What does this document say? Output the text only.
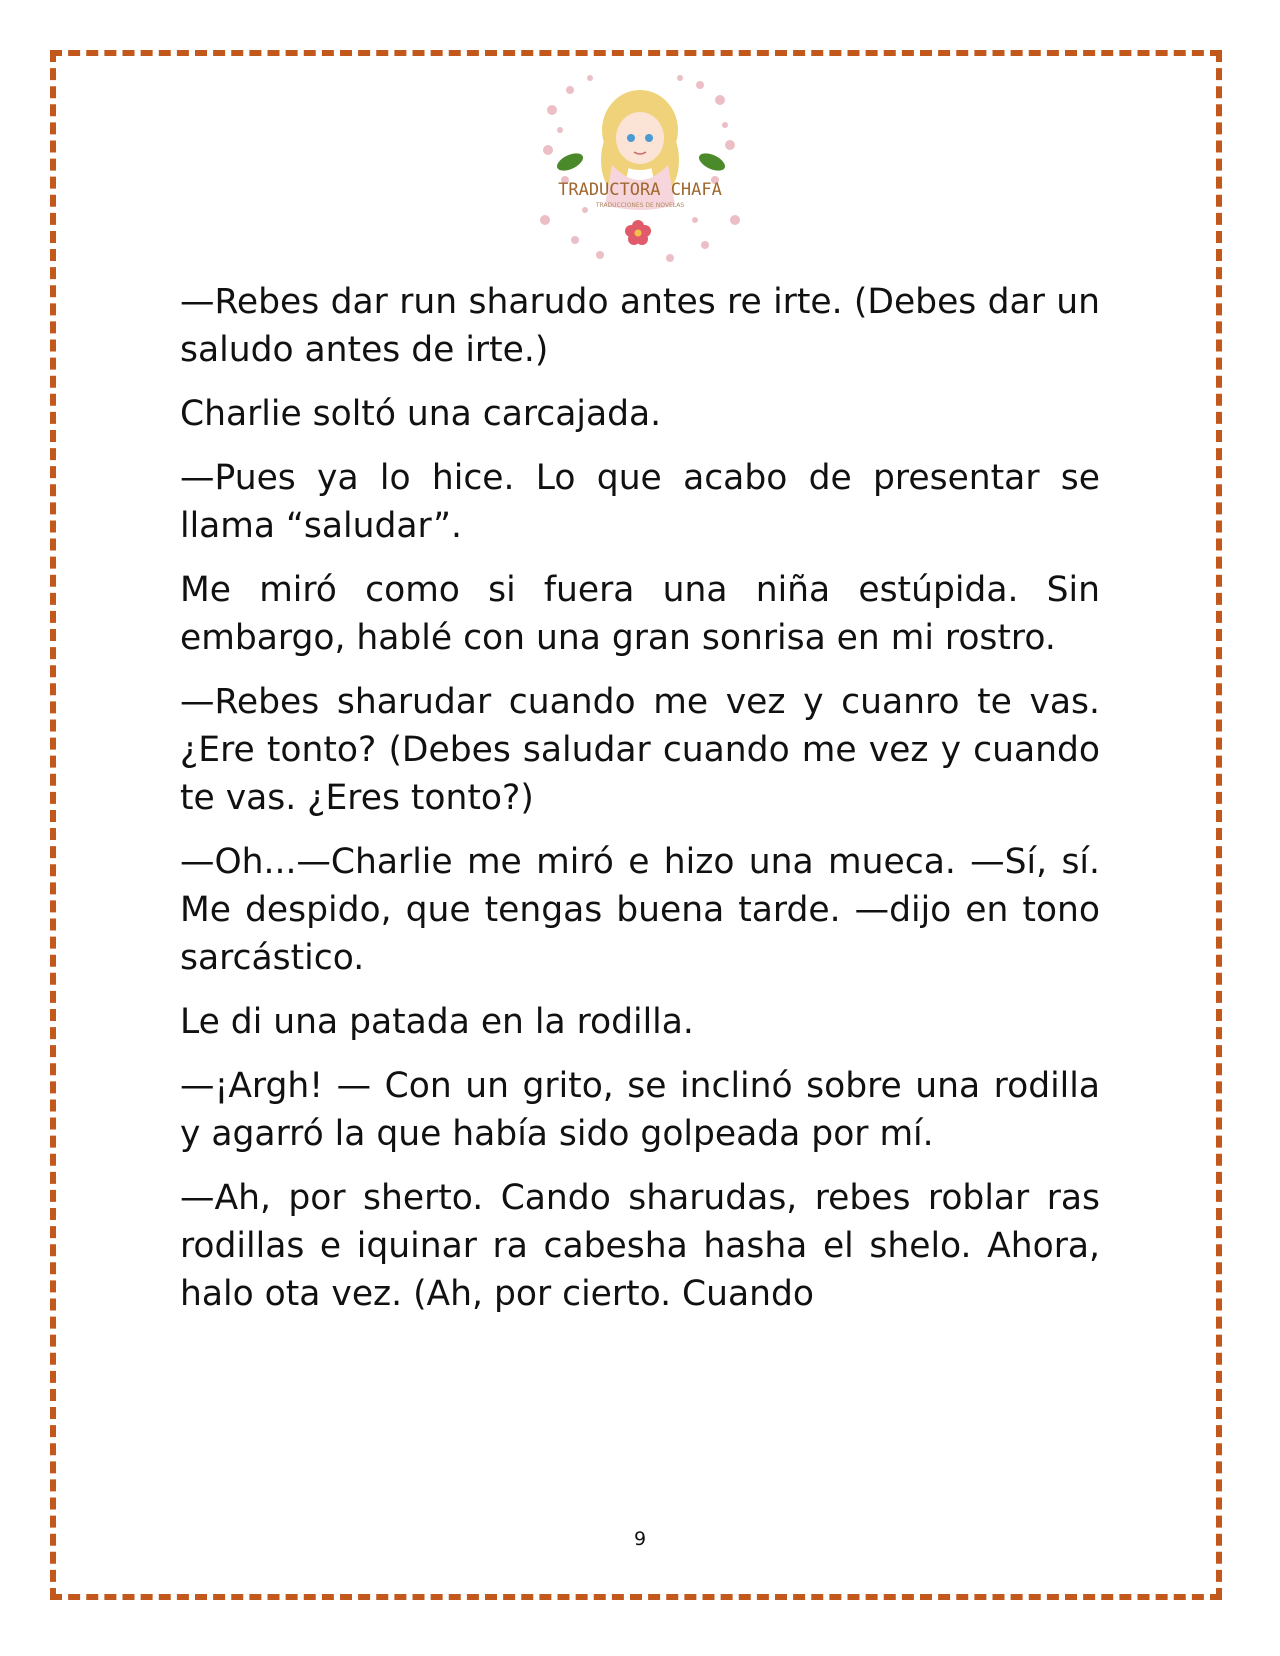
TRADUCTORA CHAFA
TRADUCCIONES DE NOVELAS

—Rebes dar run sharudo antes re irte. (Debes dar un saludo antes de irte.)

Charlie soltó una carcajada.

—Pues ya lo hice. Lo que acabo de presentar se llama “saludar”.

Me miró como si fuera una niña estúpida. Sin embargo, hablé con una gran sonrisa en mi rostro.

—Rebes sharudar cuando me vez y cuanro te vas. ¿Ere tonto? (Debes saludar cuando me vez y cuando te vas. ¿Eres tonto?)

—Oh...—Charlie me miró e hizo una mueca. —Sí, sí. Me despido, que tengas buena tarde. —dijo en tono sarcástico.

Le di una patada en la rodilla.

—¡Argh! — Con un grito, se inclinó sobre una rodilla y agarró la que había sido golpeada por mí.

—Ah, por sherto. Cando sharudas, rebes roblar ras rodillas e iquinar ra cabesha hasha el shelo. Ahora, halo ota vez. (Ah, por cierto. Cuando

9
